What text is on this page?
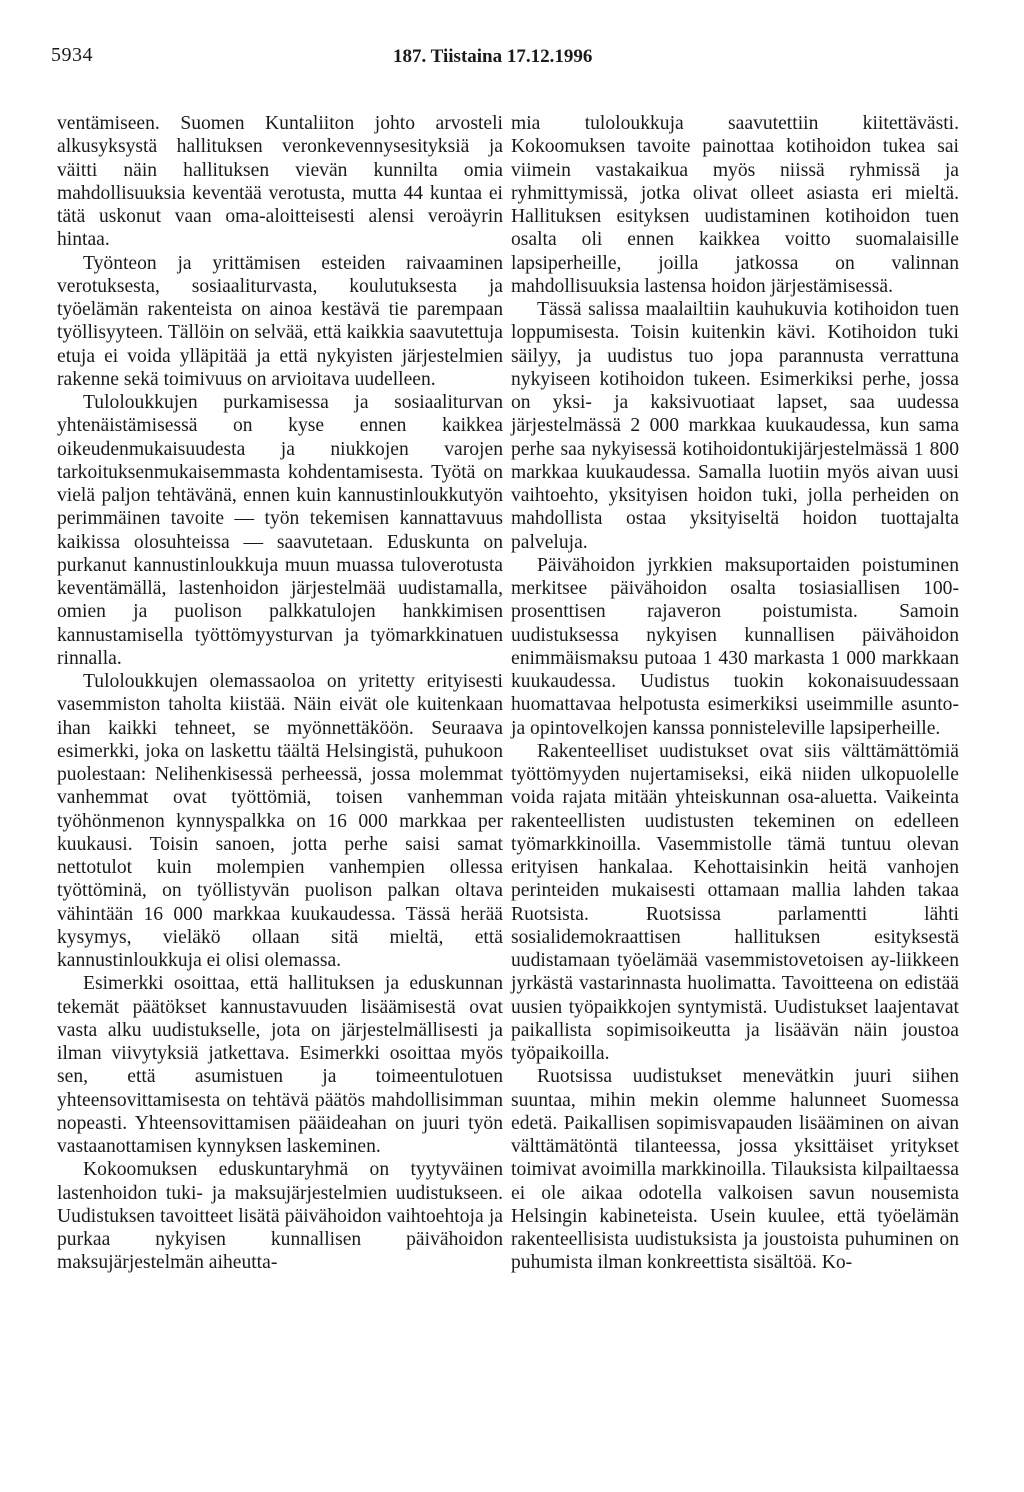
5934	187. Tiistaina 17.12.1996

ventämiseen. Suomen Kuntaliiton johto arvosteli alkusyksystä hallituksen veronkevennysesityksiä ja väitti näin hallituksen vievän kunnilta omia mahdollisuuksia keventää verotusta, mutta 44 kuntaa ei tätä uskonut vaan oma-aloitteisesti alensi veroäyrin hintaa.

Työnteon ja yrittämisen esteiden raivaaminen verotuksesta, sosiaaliturvasta, koulutuksesta ja työelämän rakenteista on ainoa kestävä tie parempaan työllisyyteen. Tällöin on selvää, että kaikkia saavutettuja etuja ei voida ylläpitää ja että nykyisten järjestelmien rakenne sekä toimivuus on arvioitava uudelleen.

Tuloloukkujen purkamisessa ja sosiaaliturvan yhtenäistämisessä on kyse ennen kaikkea oikeudenmukaisuudesta ja niukkojen varojen tarkoituksenmukaisemmasta kohdentamisesta. Työtä on vielä paljon tehtävänä, ennen kuin kannustinloukkutyön perimmäinen tavoite — työn tekemisen kannattavuus kaikissa olosuhteissa — saavutetaan. Eduskunta on purkanut kannustinloukkuja muun muassa tuloverotusta keventämällä, lastenhoidon järjestelmää uudistamalla, omien ja puolison palkkatulojen hankkimisen kannustamisella työttömyysturvan ja työmarkkinatuen rinnalla.

Tuloloukkujen olemassaoloa on yritetty erityisesti vasemmiston taholta kiistää. Näin eivät ole kuitenkaan ihan kaikki tehneet, se myönnettäköön. Seuraava esimerkki, joka on laskettu täältä Helsingistä, puhukoon puolestaan: Nelihenkisessä perheessä, jossa molemmat vanhemmat ovat työttömiä, toisen vanhemman työhönmenon kynnyspalkka on 16 000 markkaa per kuukausi. Toisin sanoen, jotta perhe saisi samat nettotulot kuin molempien vanhempien ollessa työttöminä, on työllistyvän puolison palkan oltava vähintään 16 000 markkaa kuukaudessa. Tässä herää kysymys, vieläkö ollaan sitä mieltä, että kannustinloukkuja ei olisi olemassa.

Esimerkki osoittaa, että hallituksen ja eduskunnan tekemät päätökset kannustavuuden lisäämisestä ovat vasta alku uudistukselle, jota on järjestelmällisesti ja ilman viivytyksiä jatkettava. Esimerkki osoittaa myös sen, että asumistuen ja toimeentulotuen yhteensovittamisesta on tehtävä päätös mahdollisimman nopeasti. Yhteensovittamisen pääideahan on juuri työn vastaanottamisen kynnyksen laskeminen.

Kokoomuksen eduskuntaryhmä on tyytyväinen lastenhoidon tuki- ja maksujärjestelmien uudistukseen. Uudistuksen tavoitteet lisätä päivähoidon vaihtoehtoja ja purkaa nykyisen kunnallisen päivähoidon maksujärjestelmän aiheutta-

mia tuloloukkuja saavutettiin kiitettävästi. Kokoomuksen tavoite painottaa kotihoidon tukea sai viimein vastakaikua myös niissä ryhmissä ja ryhmittymissä, jotka olivat olleet asiasta eri mieltä. Hallituksen esityksen uudistaminen kotihoidon tuen osalta oli ennen kaikkea voitto suomalaisille lapsiperheille, joilla jatkossa on valinnan mahdollisuuksia lastensa hoidon järjestämisessä.

Tässä salissa maalailtiin kauhukuvia kotihoidon tuen loppumisesta. Toisin kuitenkin kävi. Kotihoidon tuki säilyy, ja uudistus tuo jopa parannusta verrattuna nykyiseen kotihoidon tukeen. Esimerkiksi perhe, jossa on yksi- ja kaksivuotiaat lapset, saa uudessa järjestelmässä 2 000 markkaa kuukaudessa, kun sama perhe saa nykyisessä kotihoidontukijärjestelmässä 1 800 markkaa kuukaudessa. Samalla luotiin myös aivan uusi vaihtoehto, yksityisen hoidon tuki, jolla perheiden on mahdollista ostaa yksityiseltä hoidon tuottajalta palveluja.

Päivähoidon jyrkkien maksuportaiden poistuminen merkitsee päivähoidon osalta tosiasiallisen 100-prosenttisen rajaveron poistumista. Samoin uudistuksessa nykyisen kunnallisen päivähoidon enimmäismaksu putoaa 1 430 markasta 1 000 markkaan kuukaudessa. Uudistus tuokin kokonaisuudessaan huomattavaa helpotusta esimerkiksi useimmille asunto- ja opintovelkojen kanssa ponnisteleville lapsiperheille.

Rakenteelliset uudistukset ovat siis välttämättömiä työttömyyden nujertamiseksi, eikä niiden ulkopuolelle voida rajata mitään yhteiskunnan osa-aluetta. Vaikeinta rakenteellisten uudistusten tekeminen on edelleen työmarkkinoilla. Vasemmistolle tämä tuntuu olevan erityisen hankalaa. Kehottaisinkin heitä vanhojen perinteiden mukaisesti ottamaan mallia lahden takaa Ruotsista. Ruotsissa parlamentti lähti sosialidemokraattisen hallituksen esityksestä uudistamaan työelämää vasemmistovetoisen ay-liikkeen jyrkästä vastarinnasta huolimatta. Tavoitteena on edistää uusien työpaikkojen syntymistä. Uudistukset laajentavat paikallista sopimisoikeutta ja lisäävän näin joustoa työpaikoilla.

Ruotsissa uudistukset menevätkin juuri siihen suuntaa, mihin mekin olemme halunneet Suomessa edetä. Paikallisen sopimisvapauden lisääminen on aivan välttämätöntä tilanteessa, jossa yksittäiset yritykset toimivat avoimilla markkinoilla. Tilauksista kilpailtaessa ei ole aikaa odotella valkoisen savun nousemista Helsingin kabineteista. Usein kuulee, että työelämän rakenteellisista uudistuksista ja joustoista puhuminen on puhumista ilman konkreettista sisältöä. Ko-
